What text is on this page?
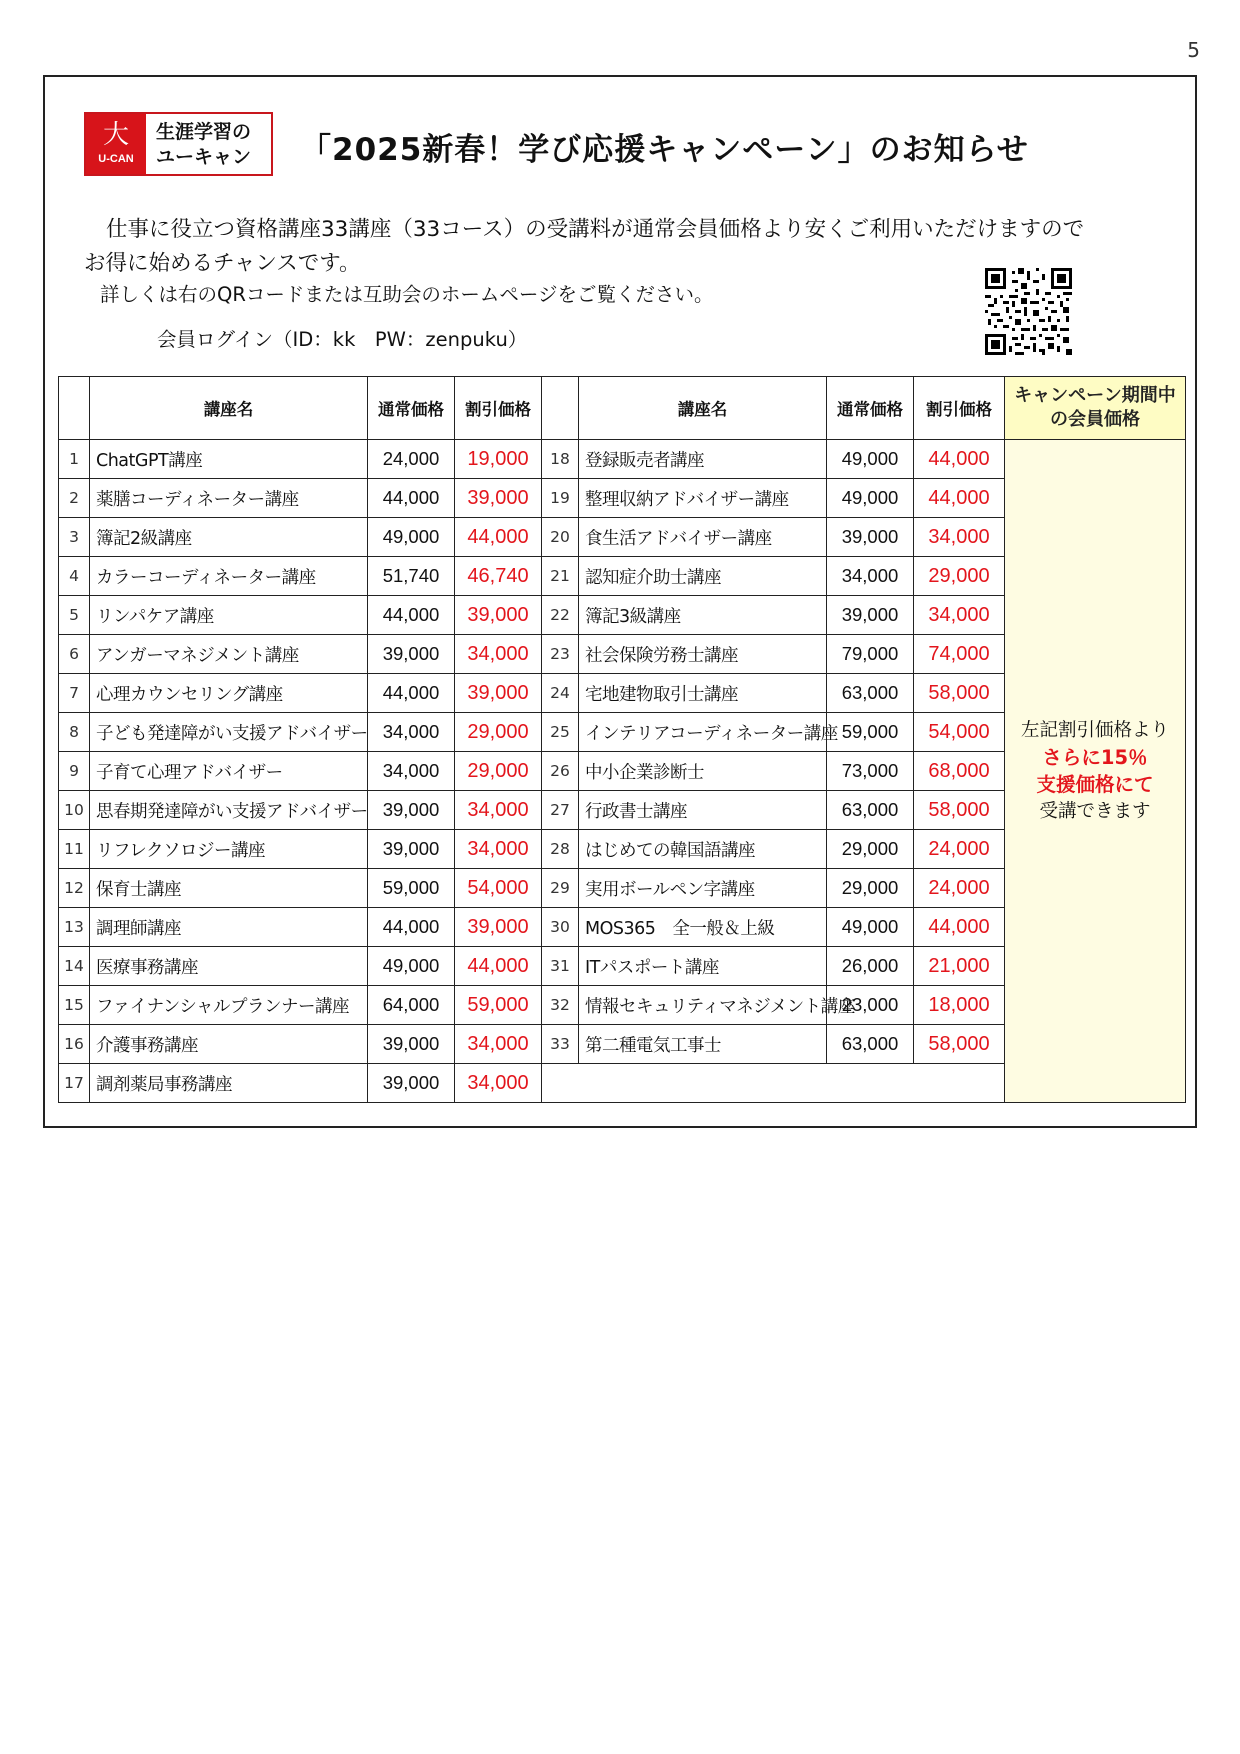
5
大
U-CAN
生涯学習の
ユーキャン 「2025新春！学び応援キャンペーン」のお知らせ
仕事に役立つ資格講座33講座（33コース）の受講料が通常会員価格より安くご利用いただけますので
お得に始めるチャンスです。
詳しくは右のQRコードまたは互助会のホームページをご覧ください。
会員ログイン（ID：kk　PW：zenpuku）
	講座名	通常価格	割引価格		講座名	通常価格	割引価格	キャンペーン期間中
の会員価格

1	ChatGPT講座	24,000	19,000	18	登録販売者講座	49,000	44,000	左記割引価格より
さらに15％
支援価格にて
受講できます

2	薬膳コーディネーター講座	44,000	39,000	19	整理収納アドバイザー講座	49,000	44,000	
3	簿記2級講座	49,000	44,000	20	食生活アドバイザー講座	39,000	34,000	
4	カラーコーディネーター講座	51,740	46,740	21	認知症介助士講座	34,000	29,000	
5	リンパケア講座	44,000	39,000	22	簿記3級講座	39,000	34,000	
6	アンガーマネジメント講座	39,000	34,000	23	社会保険労務士講座	79,000	74,000	
7	心理カウンセリング講座	44,000	39,000	24	宅地建物取引士講座	63,000	58,000	
8	子ども発達障がい支援アドバイザー	34,000	29,000	25	インテリアコーディネーター講座	59,000	54,000	
9	子育て心理アドバイザー	34,000	29,000	26	中小企業診断士	73,000	68,000	
10	思春期発達障がい支援アドバイザー	39,000	34,000	27	行政書士講座	63,000	58,000	
11	リフレクソロジー講座	39,000	34,000	28	はじめての韓国語講座	29,000	24,000	
12	保育士講座	59,000	54,000	29	実用ボールペン字講座	29,000	24,000	
13	調理師講座	44,000	39,000	30	MOS365　全一般＆上級	49,000	44,000	
14	医療事務講座	49,000	44,000	31	ITパスポート講座	26,000	21,000	
15	ファイナンシャルプランナー講座	64,000	59,000	32	情報セキュリティマネジメント講座	23,000	18,000	
16	介護事務講座	39,000	34,000	33	第二種電気工事士	63,000	58,000	
17	調剤薬局事務講座	39,000	34,000					
